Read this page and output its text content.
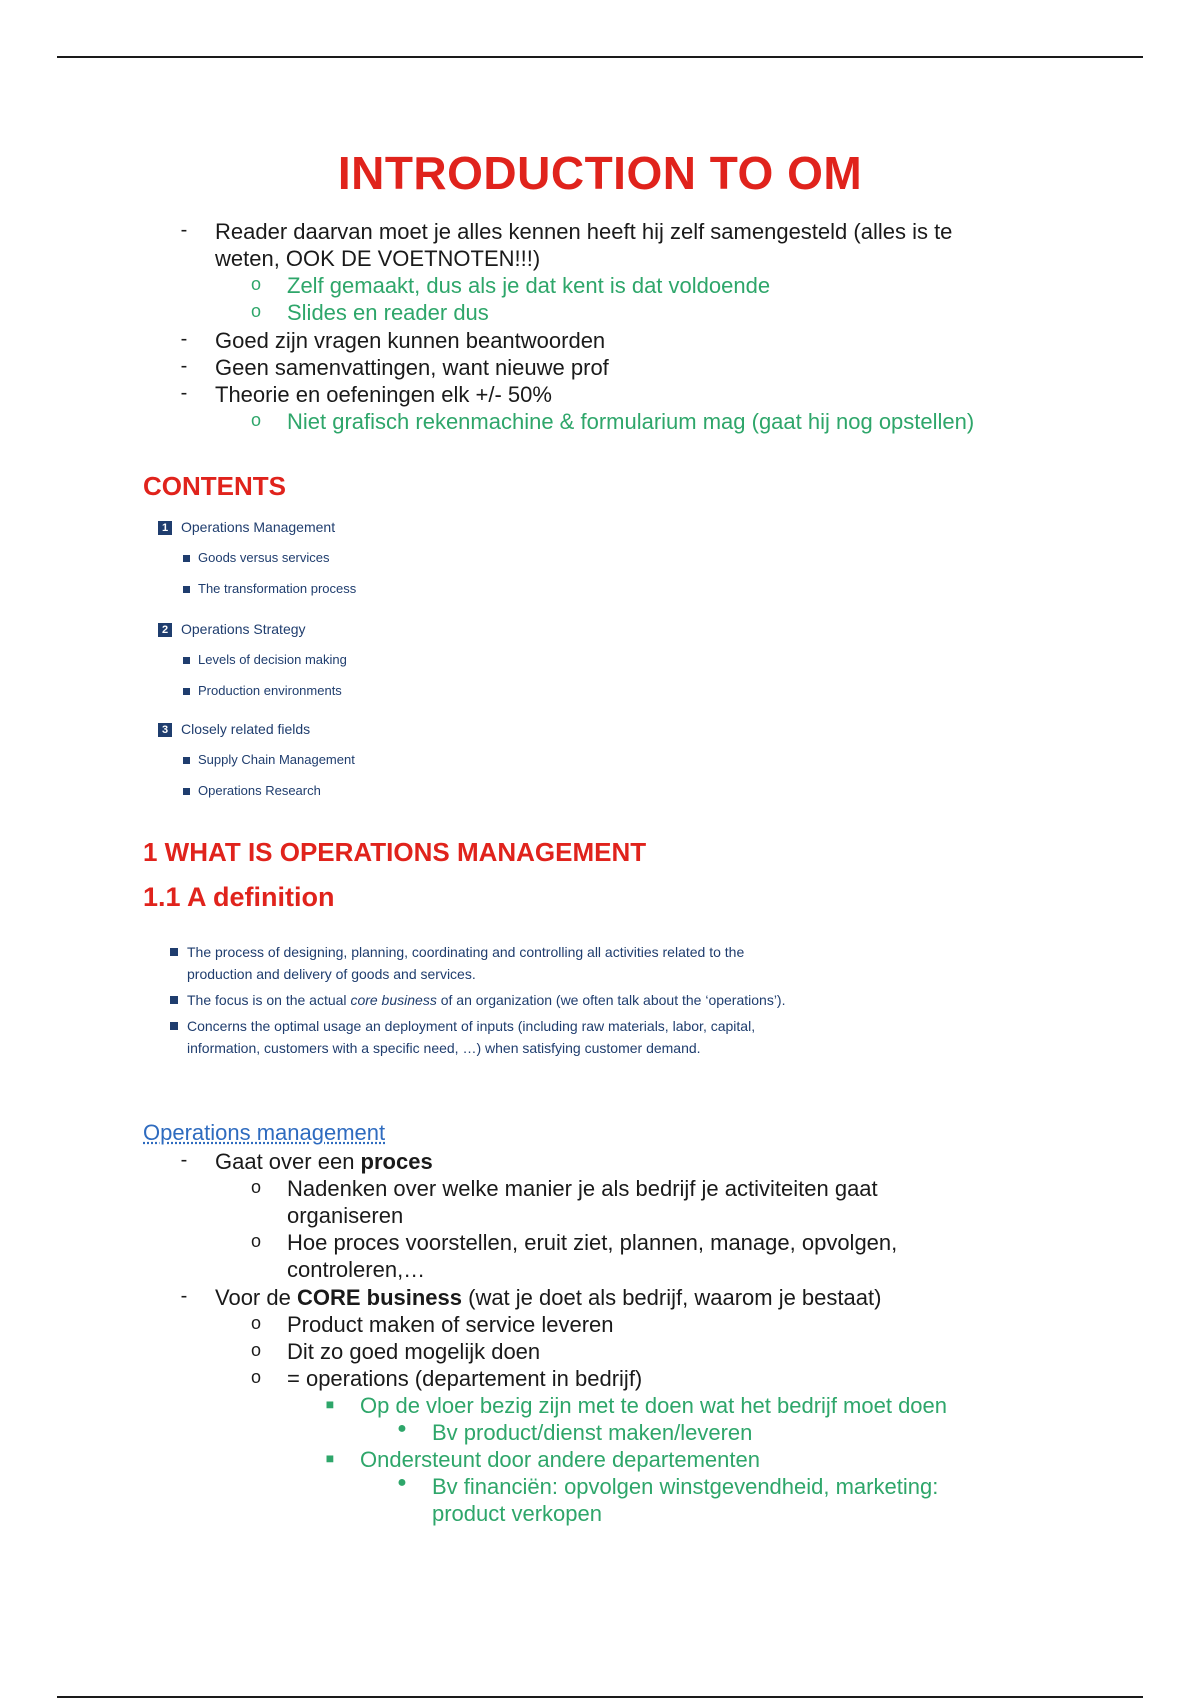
INTRODUCTION TO OM
-	Reader daarvan moet je alles kennen heeft hij zelf samengesteld (alles is te
weten, OOK DE VOETNOTEN!!!)
o	Zelf gemaakt, dus als je dat kent is dat voldoende
o	Slides en reader dus
-	Goed zijn vragen kunnen beantwoorden
-	Geen samenvattingen, want nieuwe prof
-	Theorie en oefeningen elk +/- 50%
o	Niet grafisch rekenmachine & formularium mag (gaat hij nog opstellen)
CONTENTS
1 Operations Management
Goods versus services
The transformation process
2 Operations Strategy
Levels of decision making
Production environments
3 Closely related fields
Supply Chain Management
Operations Research
1 WHAT IS OPERATIONS MANAGEMENT
1.1 A definition
The process of designing, planning, coordinating and controlling all activities related to the production and delivery of goods and services.
The focus is on the actual core business of an organization (we often talk about the ‘operations’).
Concerns the optimal usage an deployment of inputs (including raw materials, labor, capital, information, customers with a specific need, …) when satisfying customer demand.
Operations management
-	Gaat over een proces
o	Nadenken over welke manier je als bedrijf je activiteiten gaat
organiseren
o	Hoe proces voorstellen, eruit ziet, plannen, manage, opvolgen,
controleren,…
-	Voor de CORE business (wat je doet als bedrijf, waarom je bestaat)
o	Product maken of service leveren
o	Dit zo goed mogelijk doen
o	= operations (departement in bedrijf)
■	Op de vloer bezig zijn met te doen wat het bedrijf moet doen
●	Bv product/dienst maken/leveren
■	Ondersteunt door andere departementen
●	Bv financiën: opvolgen winstgevendheid, marketing:
product verkopen
